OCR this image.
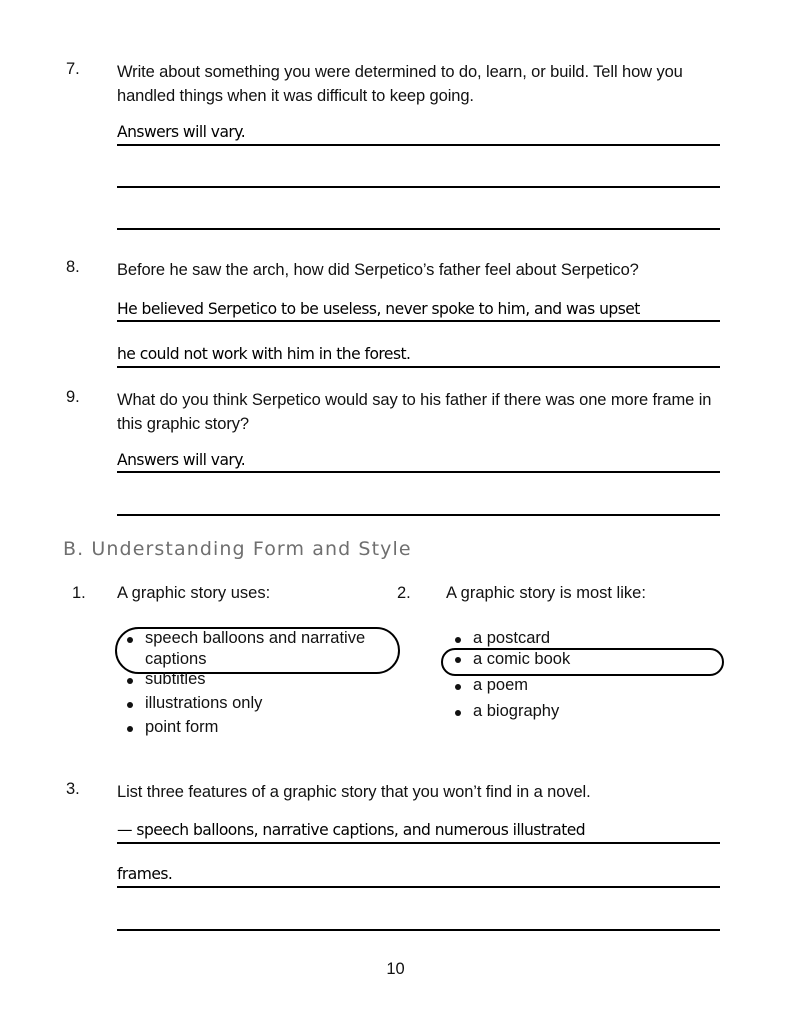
7. Write about something you were determined to do, learn, or build. Tell how you handled things when it was difficult to keep going.
Answers will vary.
8. Before he saw the arch, how did Serpetico’s father feel about Serpetico?
He believed Serpetico to be useless, never spoke to him, and was upset
he could not work with him in the forest.
9. What do you think Serpetico would say to his father if there was one more frame in this graphic story?
Answers will vary.
B. Understanding Form and Style
1. A graphic story uses:
speech balloons and narrative
captions
subtitles
illustrations only
point form
2. A graphic story is most like:
a postcard
a comic book
a poem
a biography
3. List three features of a graphic story that you won’t find in a novel.
— speech balloons, narrative captions, and numerous illustrated
frames.
10
